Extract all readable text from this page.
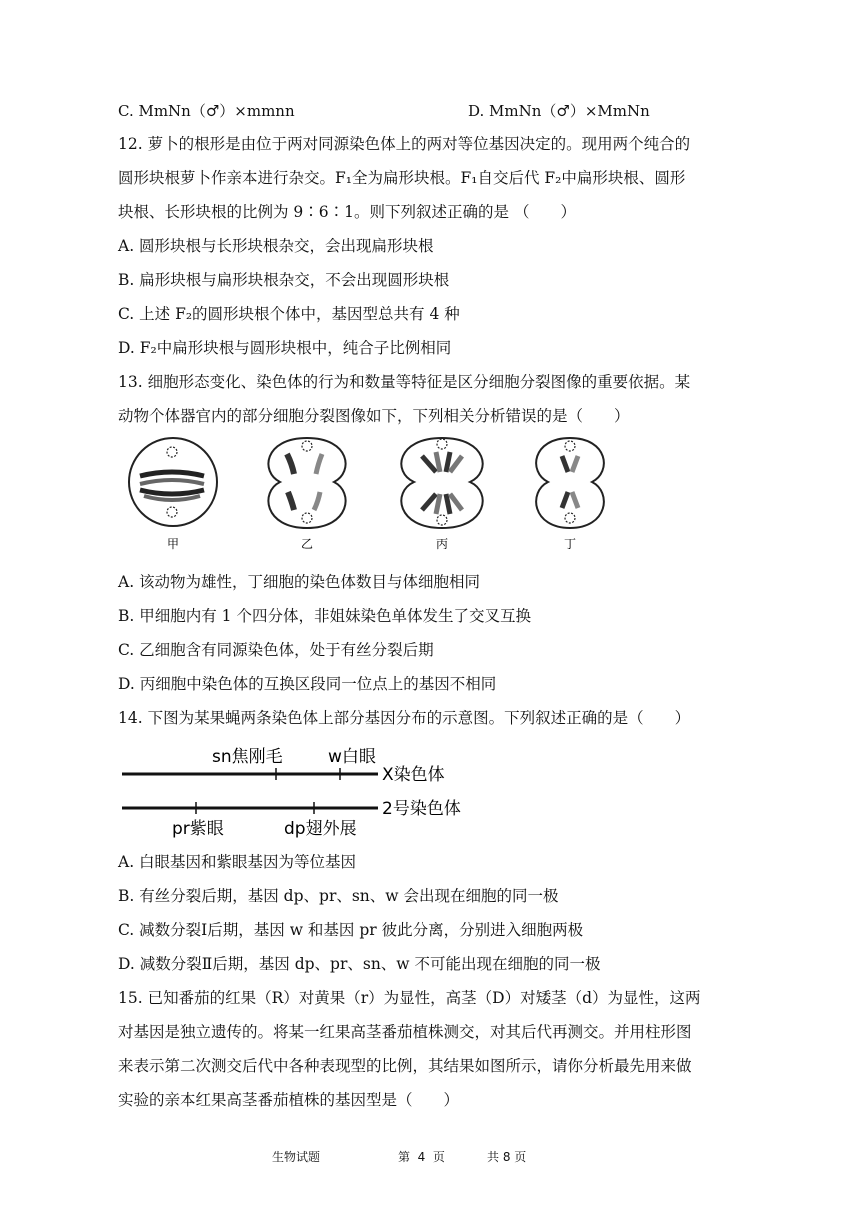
C. MmNn（♂）×mmnn	D. MmNn（♂）×MmNn
12. 萝卜的根形是由位于两对同源染色体上的两对等位基因决定的。现用两个纯合的
圆形块根萝卜作亲本进行杂交。F₁全为扁形块根。F₁自交后代 F₂中扁形块根、圆形
块根、长形块根的比例为 9∶6∶1。则下列叙述正确的是 （　　）
A. 圆形块根与长形块根杂交，会出现扁形块根
B. 扁形块根与扁形块根杂交，不会出现圆形块根
C. 上述 F₂的圆形块根个体中，基因型总共有 4 种
D. F₂中扁形块根与圆形块根中，纯合子比例相同
13. 细胞形态变化、染色体的行为和数量等特征是区分细胞分裂图像的重要依据。某
动物个体器官内的部分细胞分裂图像如下，下列相关分析错误的是（　　）
甲	乙	丙	丁
A. 该动物为雄性，丁细胞的染色体数目与体细胞相同
B. 甲细胞内有 1 个四分体，非姐妹染色单体发生了交叉互换
C. 乙细胞含有同源染色体，处于有丝分裂后期
D. 丙细胞中染色体的互换区段同一位点上的基因不相同
14. 下图为某果蝇两条染色体上部分基因分布的示意图。下列叙述正确的是（　　）
sn焦刚毛	w白眼
X染色体
2号染色体
pr紫眼	dp翅外展
A. 白眼基因和紫眼基因为等位基因
B. 有丝分裂后期，基因 dp、pr、sn、w 会出现在细胞的同一极
C. 减数分裂Ⅰ后期，基因 w 和基因 pr 彼此分离，分别进入细胞两极
D. 减数分裂Ⅱ后期，基因 dp、pr、sn、w 不可能出现在细胞的同一极
15. 已知番茄的红果（R）对黄果（r）为显性，高茎（D）对矮茎（d）为显性，这两
对基因是独立遗传的。将某一红果高茎番茄植株测交，对其后代再测交。并用柱形图
来表示第二次测交后代中各种表现型的比例，其结果如图所示，请你分析最先用来做
实验的亲本红果高茎番茄植株的基因型是（　　）
生物试题	第  4  页	共 8 页
